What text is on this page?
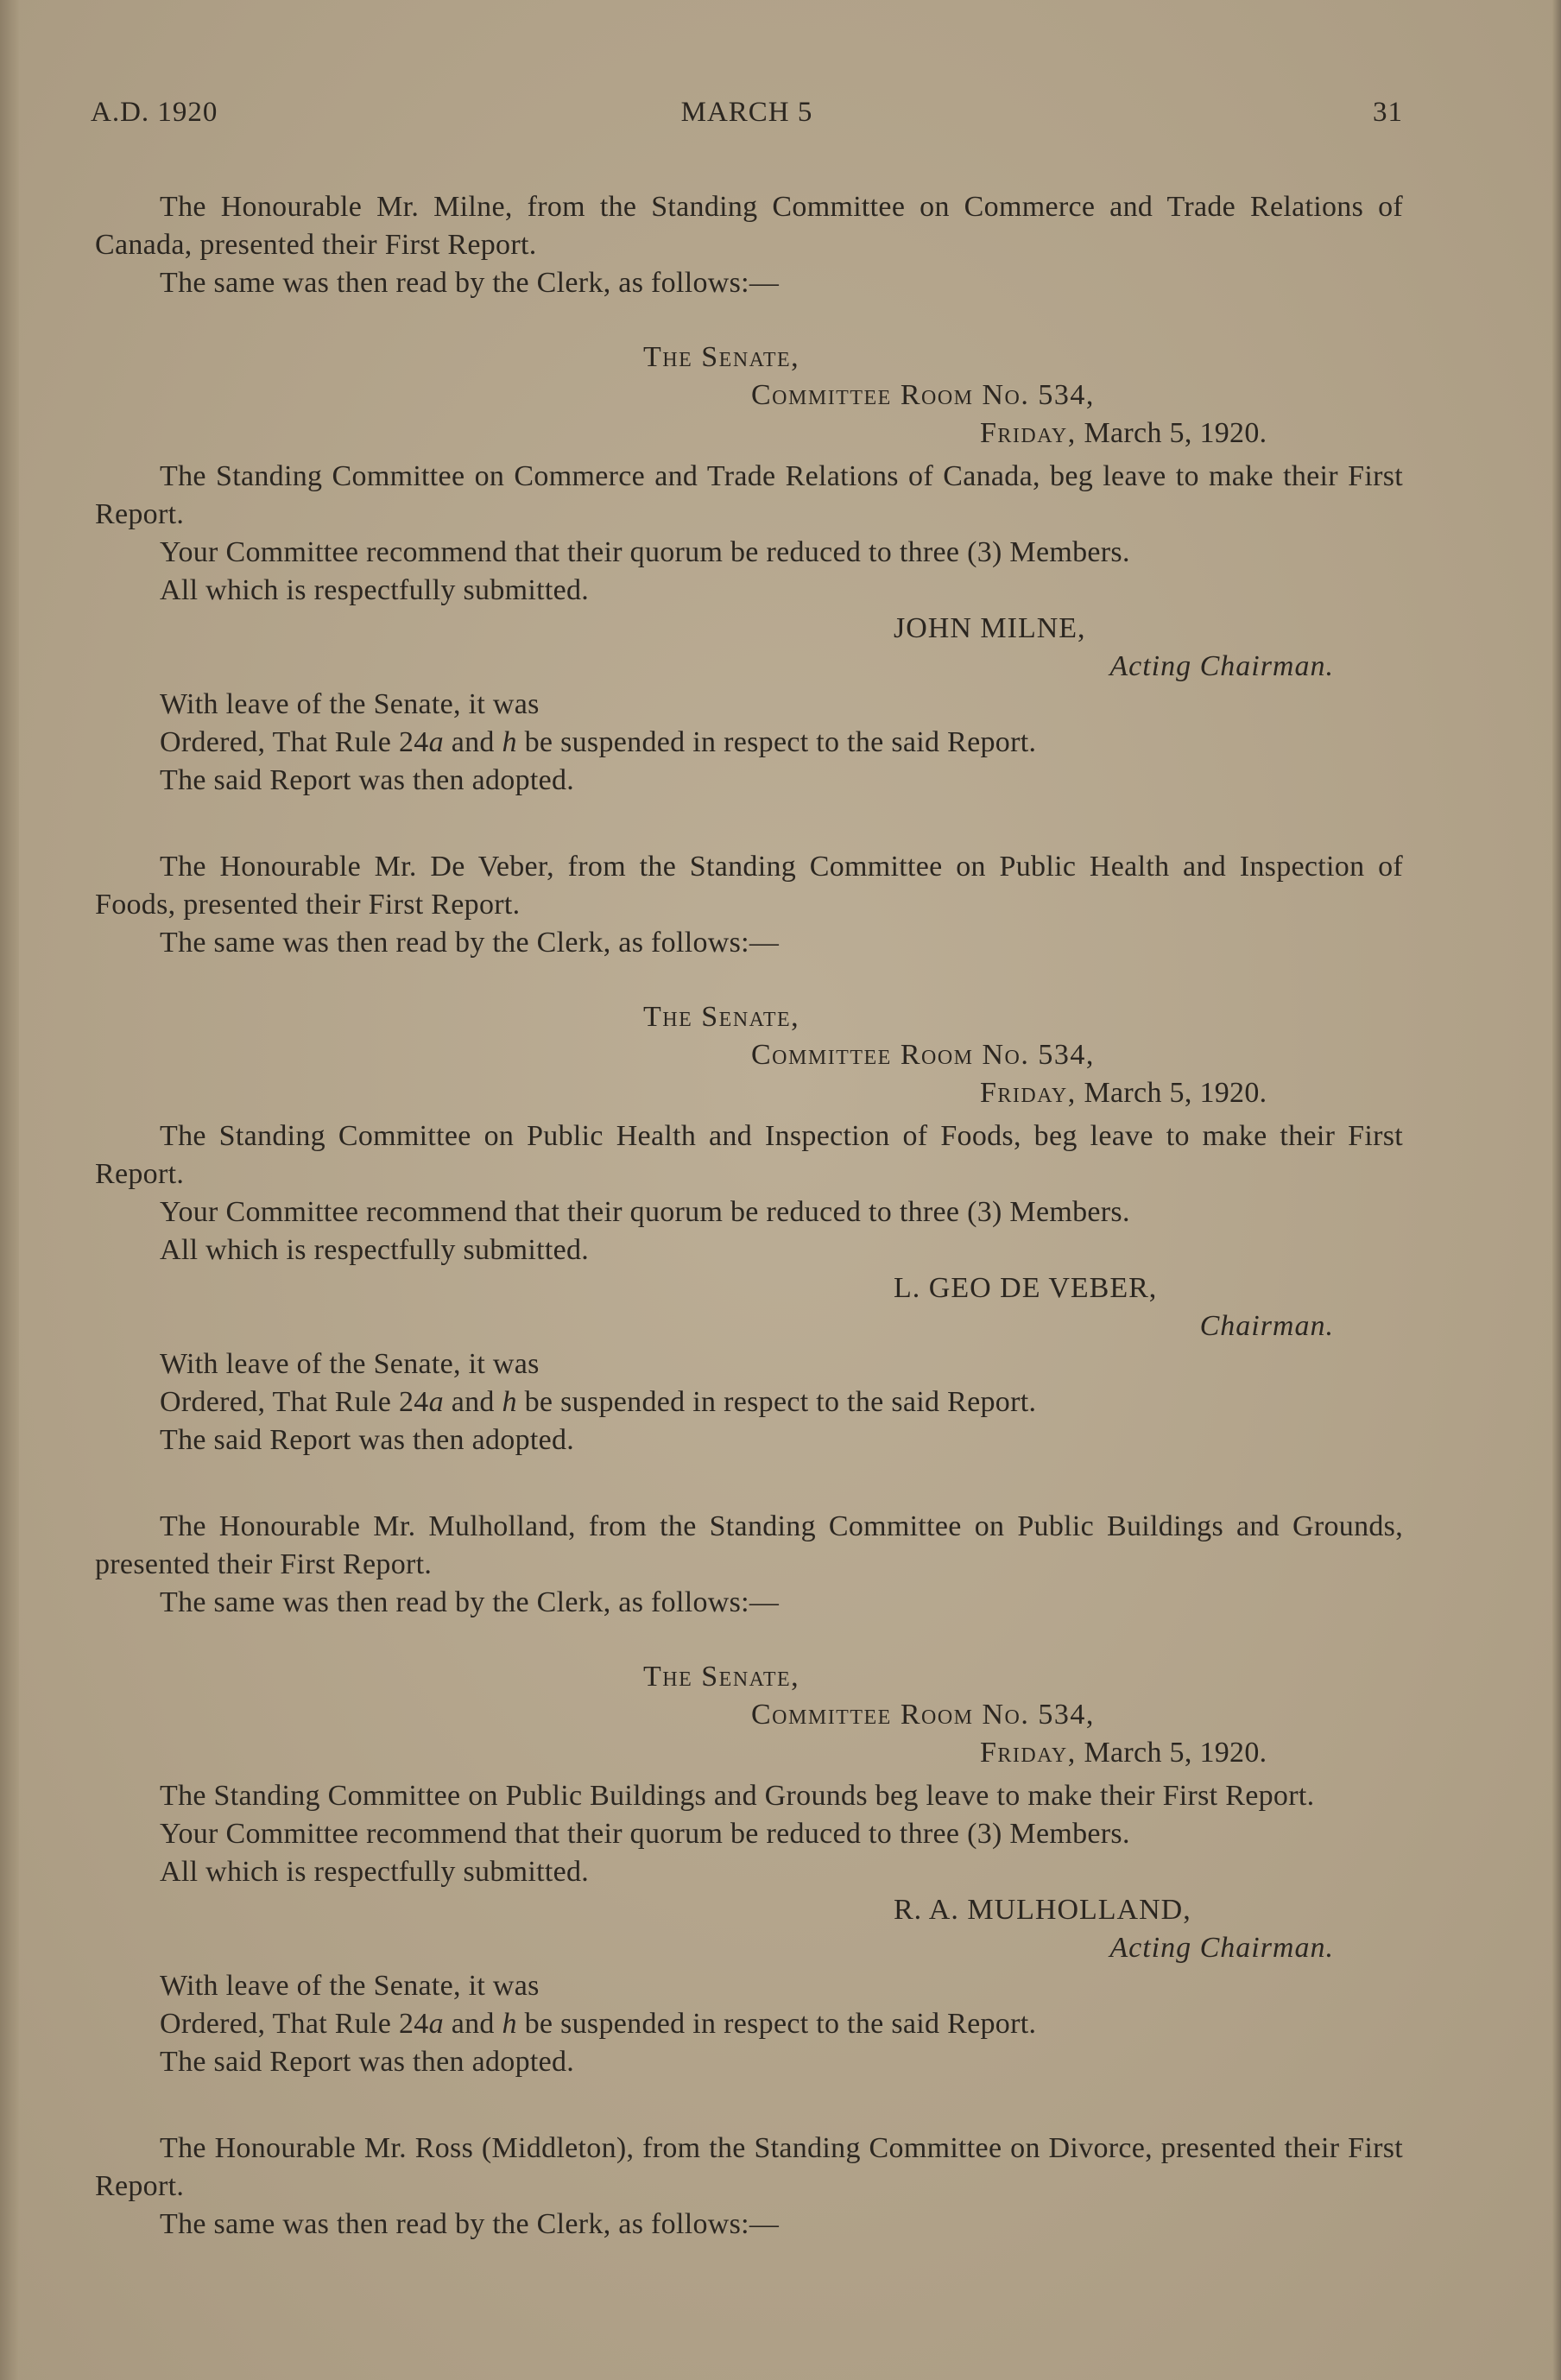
A.D. 1920	MARCH 5	31

The Honourable Mr. Milne, from the Standing Committee on Commerce and Trade Relations of Canada, presented their First Report.

The same was then read by the Clerk, as follows:—

The Senate,

Committee Room No. 534,

Friday, March 5, 1920.

The Standing Committee on Commerce and Trade Relations of Canada, beg leave to make their First Report.

Your Committee recommend that their quorum be reduced to three (3) Members.

All which is respectfully submitted.

JOHN MILNE,

Acting Chairman.

With leave of the Senate, it was

Ordered, That Rule 24a and h be suspended in respect to the said Report.

The said Report was then adopted.

The Honourable Mr. De Veber, from the Standing Committee on Public Health and Inspection of Foods, presented their First Report.

The same was then read by the Clerk, as follows:—

The Senate,

Committee Room No. 534,

Friday, March 5, 1920.

The Standing Committee on Public Health and Inspection of Foods, beg leave to make their First Report.

Your Committee recommend that their quorum be reduced to three (3) Members.

All which is respectfully submitted.

L. GEO DE VEBER,

Chairman.

With leave of the Senate, it was

Ordered, That Rule 24a and h be suspended in respect to the said Report.

The said Report was then adopted.

The Honourable Mr. Mulholland, from the Standing Committee on Public Buildings and Grounds, presented their First Report.

The same was then read by the Clerk, as follows:—

The Senate,

Committee Room No. 534,

Friday, March 5, 1920.

The Standing Committee on Public Buildings and Grounds beg leave to make their First Report.

Your Committee recommend that their quorum be reduced to three (3) Members.

All which is respectfully submitted.

R. A. MULHOLLAND,

Acting Chairman.

With leave of the Senate, it was

Ordered, That Rule 24a and h be suspended in respect to the said Report.

The said Report was then adopted.

The Honourable Mr. Ross (Middleton), from the Standing Committee on Divorce, presented their First Report.

The same was then read by the Clerk, as follows:—
